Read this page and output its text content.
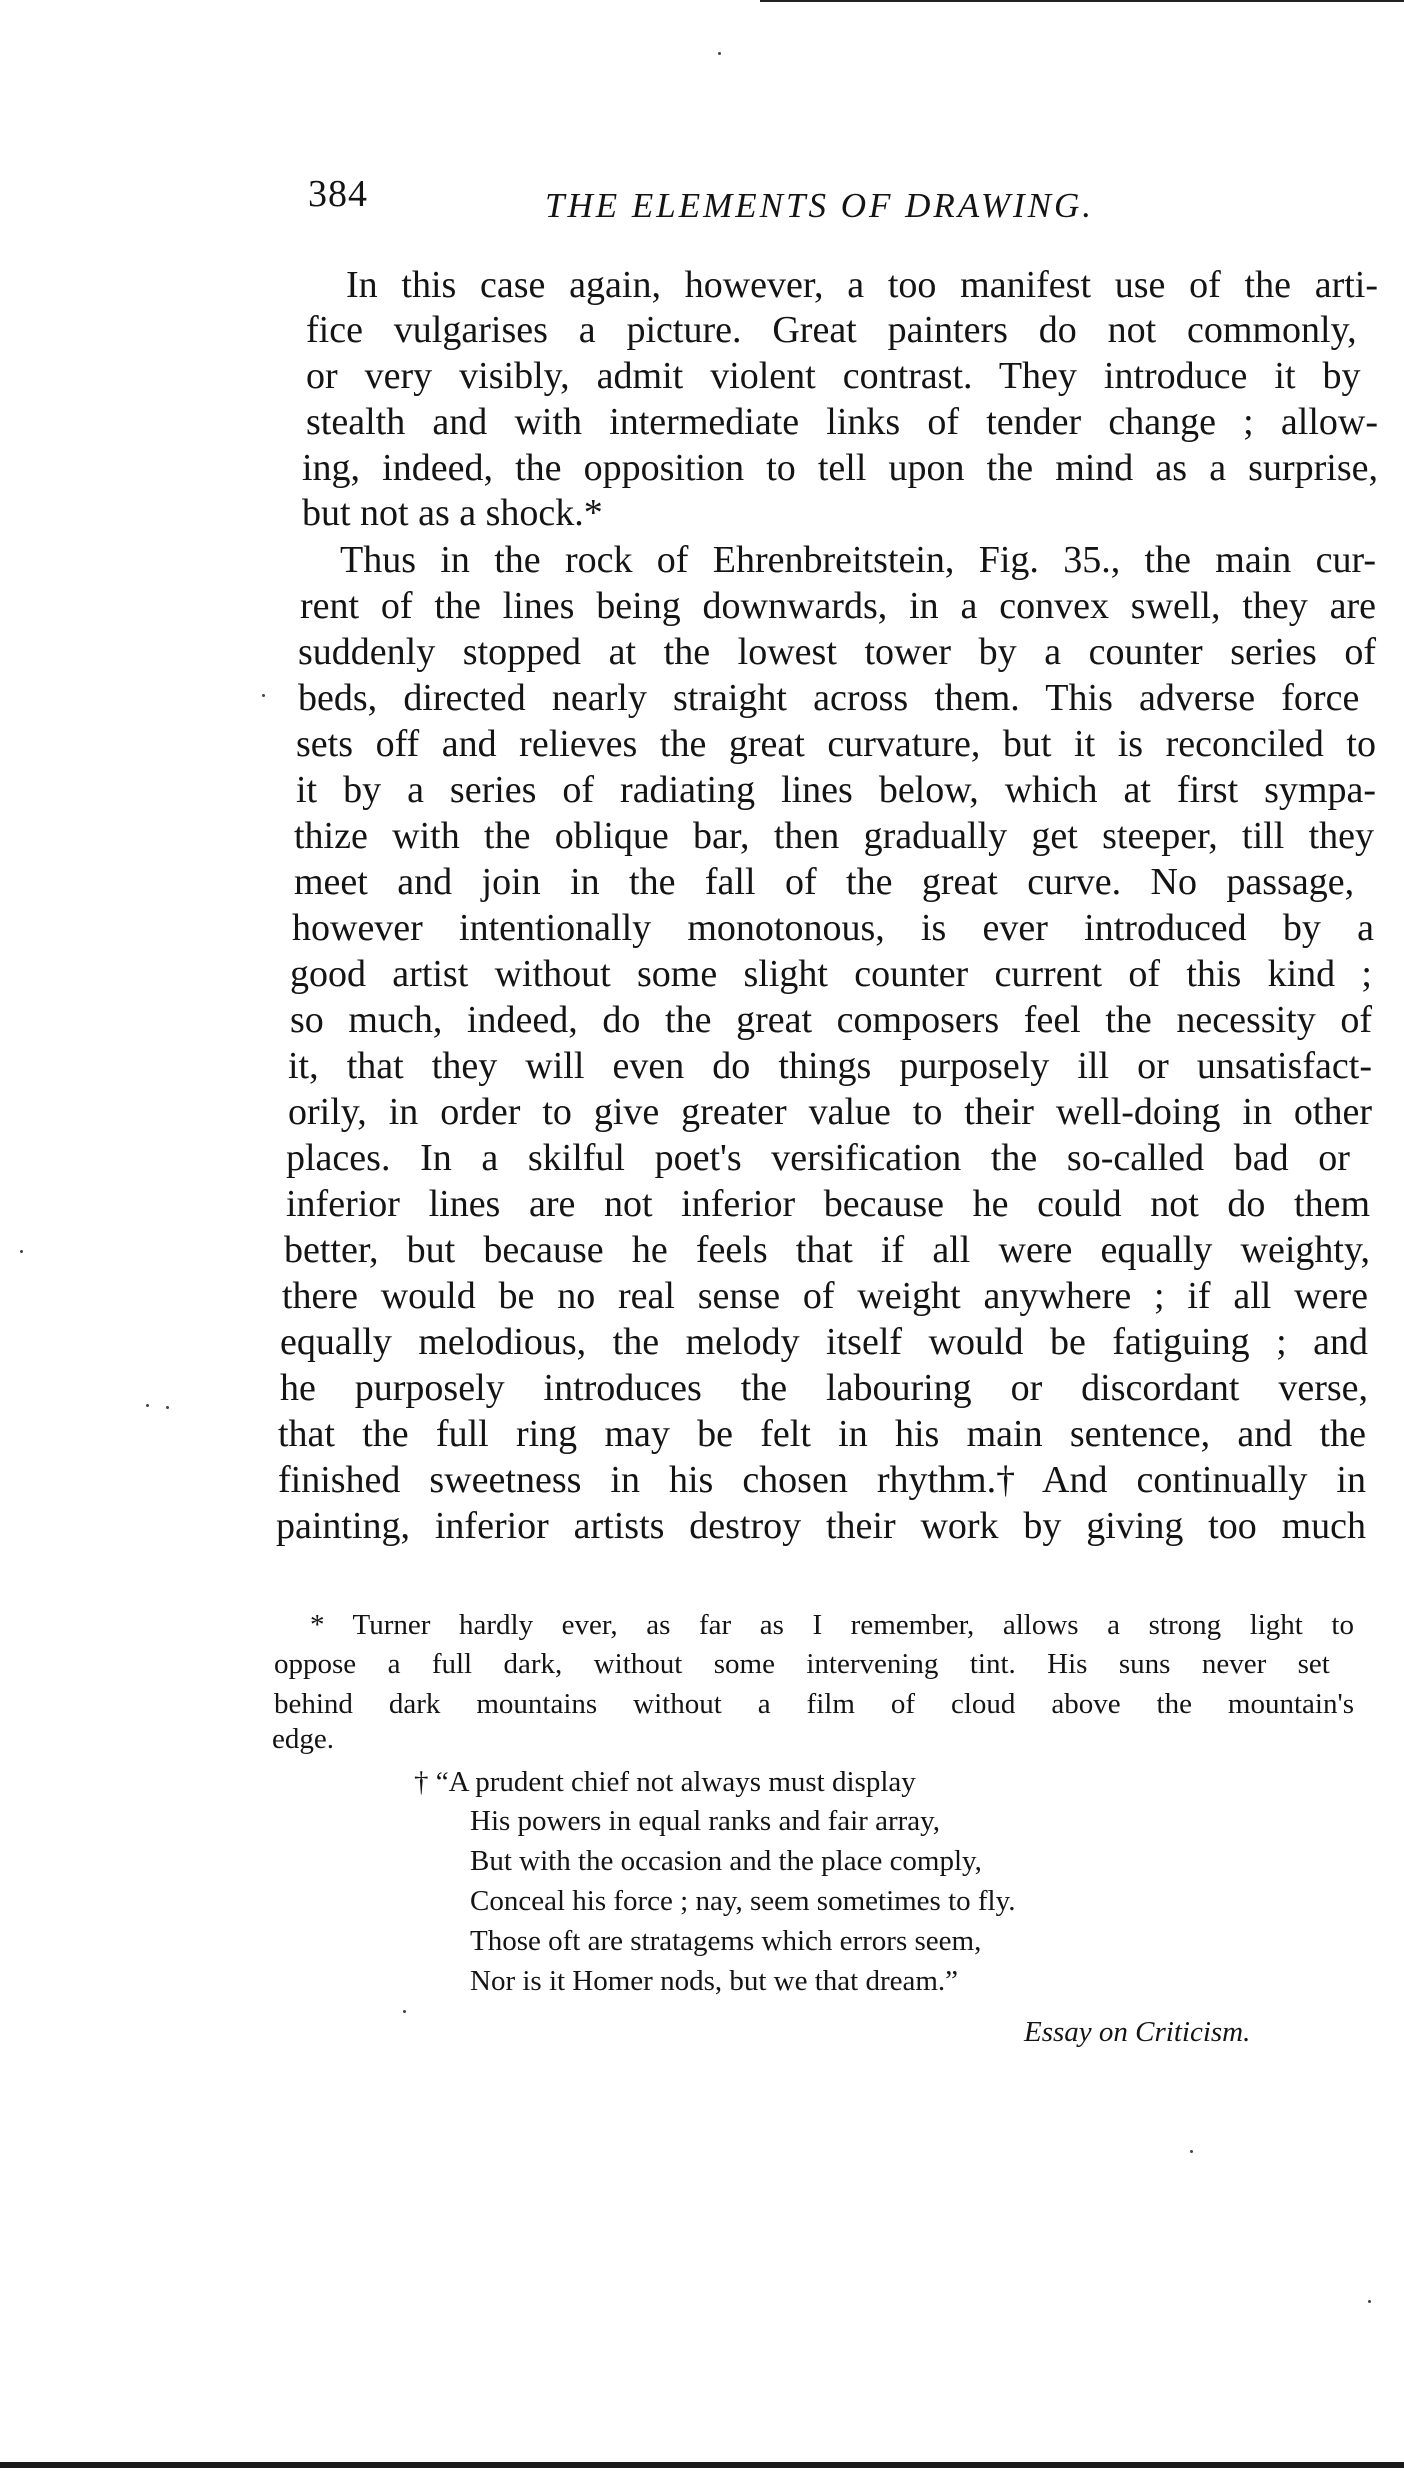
384	THE ELEMENTS OF DRAWING.
In this case again, however, a too manifest use of the arti-
fice vulgarises a picture. Great painters do not commonly,
or very visibly, admit violent contrast. They introduce it by
stealth and with intermediate links of tender change ; allow-
ing, indeed, the opposition to tell upon the mind as a surprise,
but not as a shock.*
Thus in the rock of Ehrenbreitstein, Fig. 35., the main cur-
rent of the lines being downwards, in a convex swell, they are
suddenly stopped at the lowest tower by a counter series of
beds, directed nearly straight across them. This adverse force
sets off and relieves the great curvature, but it is reconciled to
it by a series of radiating lines below, which at first sympa-
thize with the oblique bar, then gradually get steeper, till they
meet and join in the fall of the great curve. No passage,
however intentionally monotonous, is ever introduced by a
good artist without some slight counter current of this kind ;
so much, indeed, do the great composers feel the necessity of
it, that they will even do things purposely ill or unsatisfact-
orily, in order to give greater value to their well-doing in other
places. In a skilful poet's versification the so-called bad or
inferior lines are not inferior because he could not do them
better, but because he feels that if all were equally weighty,
there would be no real sense of weight anywhere ; if all were
equally melodious, the melody itself would be fatiguing ; and
he purposely introduces the labouring or discordant verse,
that the full ring may be felt in his main sentence, and the
finished sweetness in his chosen rhythm.† And continually in
painting, inferior artists destroy their work by giving too much
* Turner hardly ever, as far as I remember, allows a strong light to
oppose a full dark, without some intervening tint. His suns never set
behind dark mountains without a film of cloud above the mountain's
edge.
† “A prudent chief not always must display
His powers in equal ranks and fair array,
But with the occasion and the place comply,
Conceal his force ; nay, seem sometimes to fly.
Those oft are stratagems which errors seem,
Nor is it Homer nods, but we that dream.”
Essay on Criticism.
